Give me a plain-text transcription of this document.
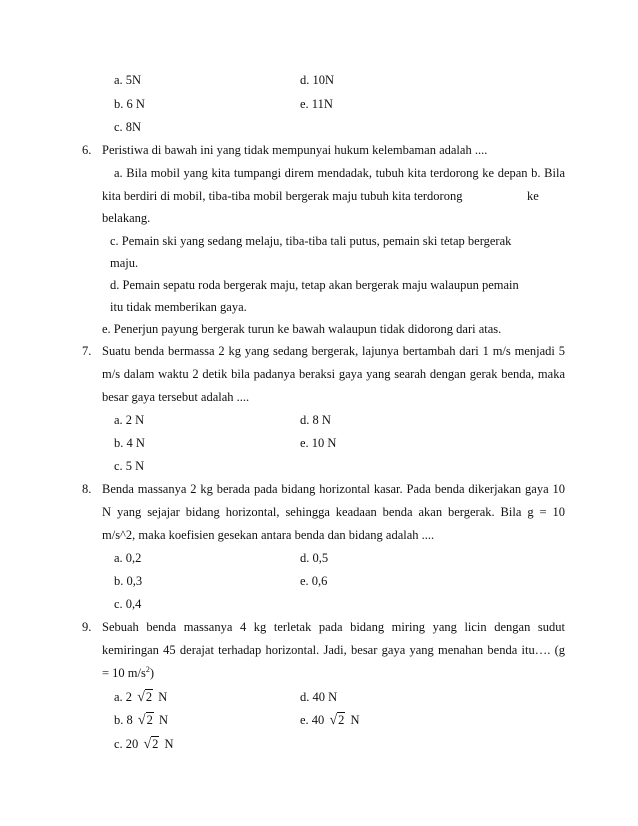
a. 5N	d. 10N
b. 6 N	e. 11N
c. 8N
6. Peristiwa di bawah ini yang tidak mempunyai hukum kelembaman adalah ....
a. Bila mobil yang kita tumpangi direm mendadak, tubuh kita terdorong ke depan b. Bila
kita berdiri di mobil, tiba-tiba mobil bergerak maju tubuh kita terdorong	ke
belakang.
c. Pemain ski yang sedang melaju, tiba-tiba tali putus, pemain ski tetap bergerak
maju.
d. Pemain sepatu roda bergerak maju, tetap akan bergerak maju walaupun pemain
itu tidak memberikan gaya.
e. Penerjun payung bergerak turun ke bawah walaupun tidak didorong dari atas.
7. Suatu benda bermassa 2 kg yang sedang bergerak, lajunya bertambah dari 1 m/s menjadi 5
m/s dalam waktu 2 detik bila padanya beraksi gaya yang searah dengan gerak benda, maka
besar gaya tersebut adalah ....
a. 2 N	d. 8 N
b. 4 N	e. 10 N
c. 5 N
8. Benda massanya 2 kg berada pada bidang horizontal kasar. Pada benda dikerjakan gaya 10
N yang sejajar bidang horizontal, sehingga keadaan benda akan bergerak. Bila g = 10
m/s^2, maka koefisien gesekan antara benda dan bidang adalah ....
a. 0,2	d. 0,5
b. 0,3	e. 0,6
c. 0,4
9. Sebuah benda massanya 4 kg terletak pada bidang miring yang licin dengan sudut
kemiringan 45 derajat terhadap horizontal. Jadi, besar gaya yang menahan benda itu…. (g
= 10 $m/s^2$)
a. 2 √2 N	d. 40 N
b. 8 √2 N	e. 40 √2 N
c. 20 √2 N
